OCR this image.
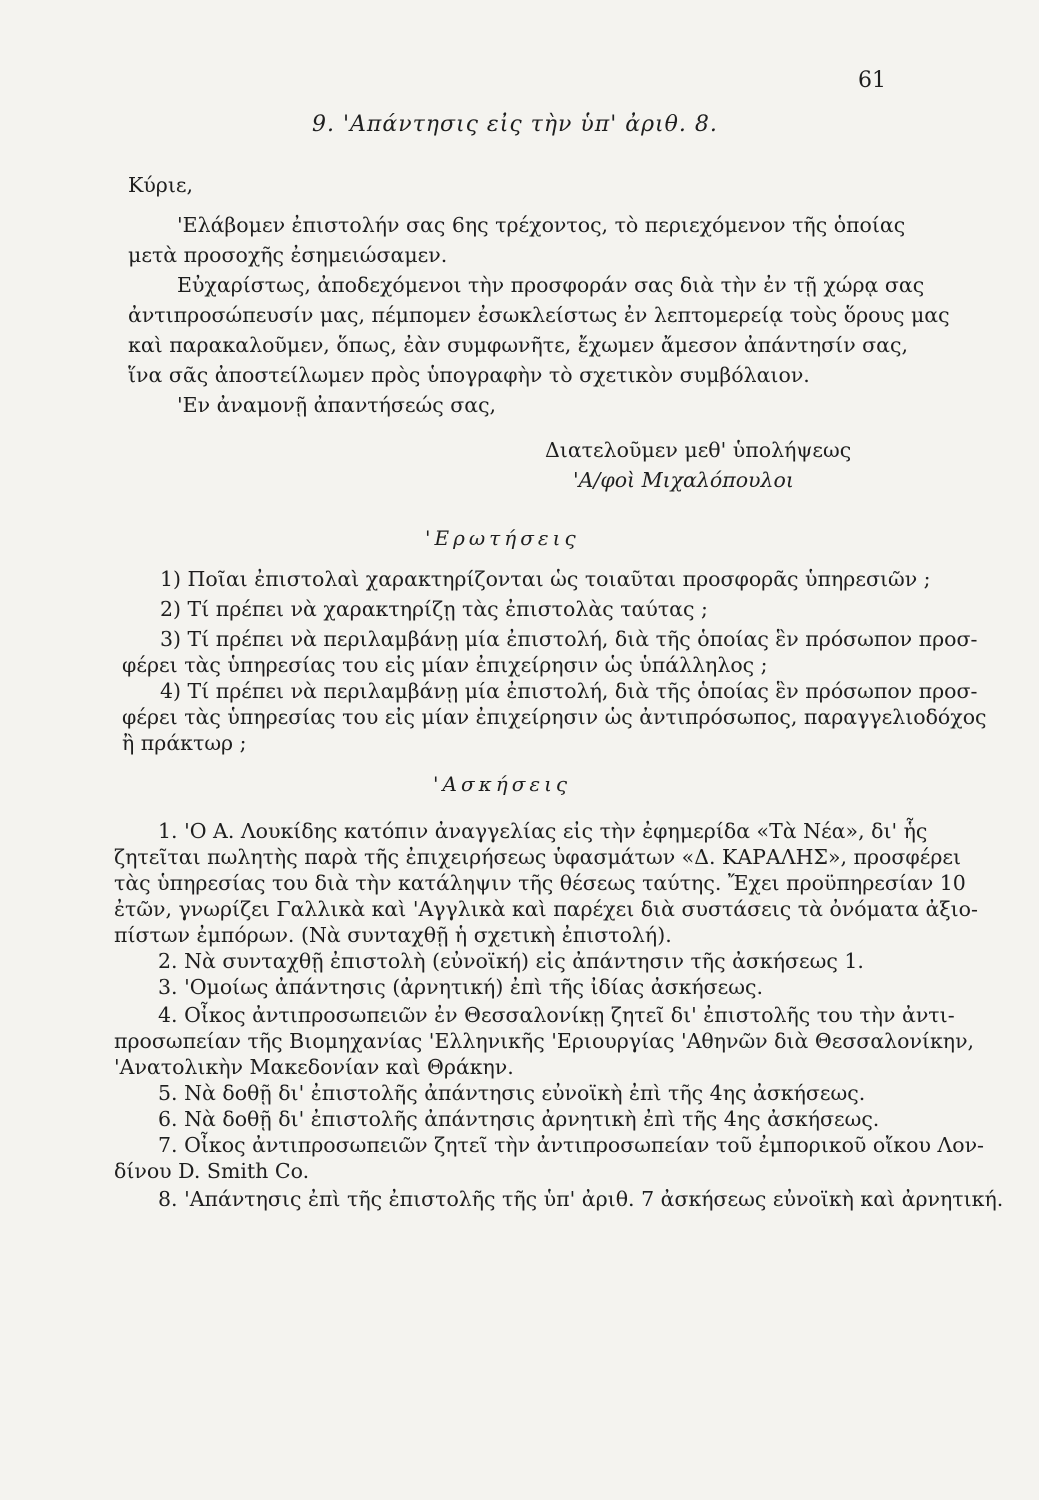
61
9. 'Απάντησις εἰς τὴν ὑπ' ἀριθ. 8.
Κύριε,
'Ελάβομεν ἐπιστολήν σας 6ης τρέχοντος, τὸ περιεχόμενον τῆς ὁποίας
μετὰ προσοχῆς ἐσημειώσαμεν.
Εὐχαρίστως, ἀποδεχόμενοι τὴν προσφοράν σας διὰ τὴν ἐν τῇ χώρᾳ σας
ἀντιπροσώπευσίν μας, πέμπομεν ἐσωκλείστως ἐν λεπτομερείᾳ τοὺς ὅρους μας
καὶ παρακαλοῦμεν, ὅπως, ἐὰν συμφωνῆτε, ἔχωμεν ἄμεσον ἀπάντησίν σας,
ἵνα σᾶς ἀποστείλωμεν πρὸς ὑπογραφὴν τὸ σχετικὸν συμβόλαιον.
'Εν ἀναμονῇ ἀπαντήσεώς σας,
Διατελοῦμεν μεθ' ὑπολήψεως
'Α/φοὶ Μιχαλόπουλοι
'Ερωτήσεις
1) Ποῖαι ἐπιστολαὶ χαρακτηρίζονται ὡς τοιαῦται προσφορᾶς ὑπηρεσιῶν ;
2) Τί πρέπει νὰ χαρακτηρίζῃ τὰς ἐπιστολὰς ταύτας ;
3) Τί πρέπει νὰ περιλαμβάνῃ μία ἐπιστολή, διὰ τῆς ὁποίας ἓν πρόσωπον προσ-
φέρει τὰς ὑπηρεσίας του εἰς μίαν ἐπιχείρησιν ὡς ὑπάλληλος ;
4) Τί πρέπει νὰ περιλαμβάνῃ μία ἐπιστολή, διὰ τῆς ὁποίας ἓν πρόσωπον προσ-
φέρει τὰς ὑπηρεσίας του εἰς μίαν ἐπιχείρησιν ὡς ἀντιπρόσωπος, παραγγελιοδόχος
ἢ πράκτωρ ;
'Ασκήσεις
1. 'Ο Α. Λουκίδης κατόπιν ἀναγγελίας εἰς τὴν ἐφημερίδα «Τὰ Νέα», δι' ἧς
ζητεῖται πωλητὴς παρὰ τῆς ἐπιχειρήσεως ὑφασμάτων «Δ. ΚΑΡΑΛΗΣ», προσφέρει
τὰς ὑπηρεσίας του διὰ τὴν κατάληψιν τῆς θέσεως ταύτης. Ἔχει προϋπηρεσίαν 10
ἐτῶν, γνωρίζει Γαλλικὰ καὶ 'Αγγλικὰ καὶ παρέχει διὰ συστάσεις τὰ ὀνόματα ἀξιο-
πίστων ἐμπόρων. (Νὰ συνταχθῇ ἡ σχετικὴ ἐπιστολή).
2. Νὰ συνταχθῇ ἐπιστολὴ (εὐνοϊκή) εἰς ἀπάντησιν τῆς ἀσκήσεως 1.
3. 'Ομοίως ἀπάντησις (ἀρνητική) ἐπὶ τῆς ἰδίας ἀσκήσεως.
4. Οἶκος ἀντιπροσωπειῶν ἐν Θεσσαλονίκῃ ζητεῖ δι' ἐπιστολῆς του τὴν ἀντι-
προσωπείαν τῆς Βιομηχανίας 'Ελληνικῆς 'Εριουργίας 'Αθηνῶν διὰ Θεσσαλονίκην,
'Ανατολικὴν Μακεδονίαν καὶ Θράκην.
5. Νὰ δοθῇ δι' ἐπιστολῆς ἀπάντησις εὐνοϊκὴ ἐπὶ τῆς 4ης ἀσκήσεως.
6. Νὰ δοθῇ δι' ἐπιστολῆς ἀπάντησις ἀρνητικὴ ἐπὶ τῆς 4ης ἀσκήσεως.
7. Οἶκος ἀντιπροσωπειῶν ζητεῖ τὴν ἀντιπροσωπείαν τοῦ ἐμπορικοῦ οἴκου Λον-
δίνου D. Smith Co.
8. 'Απάντησις ἐπὶ τῆς ἐπιστολῆς τῆς ὑπ' ἀριθ. 7 ἀσκήσεως εὐνοϊκὴ καὶ ἀρνητική.
